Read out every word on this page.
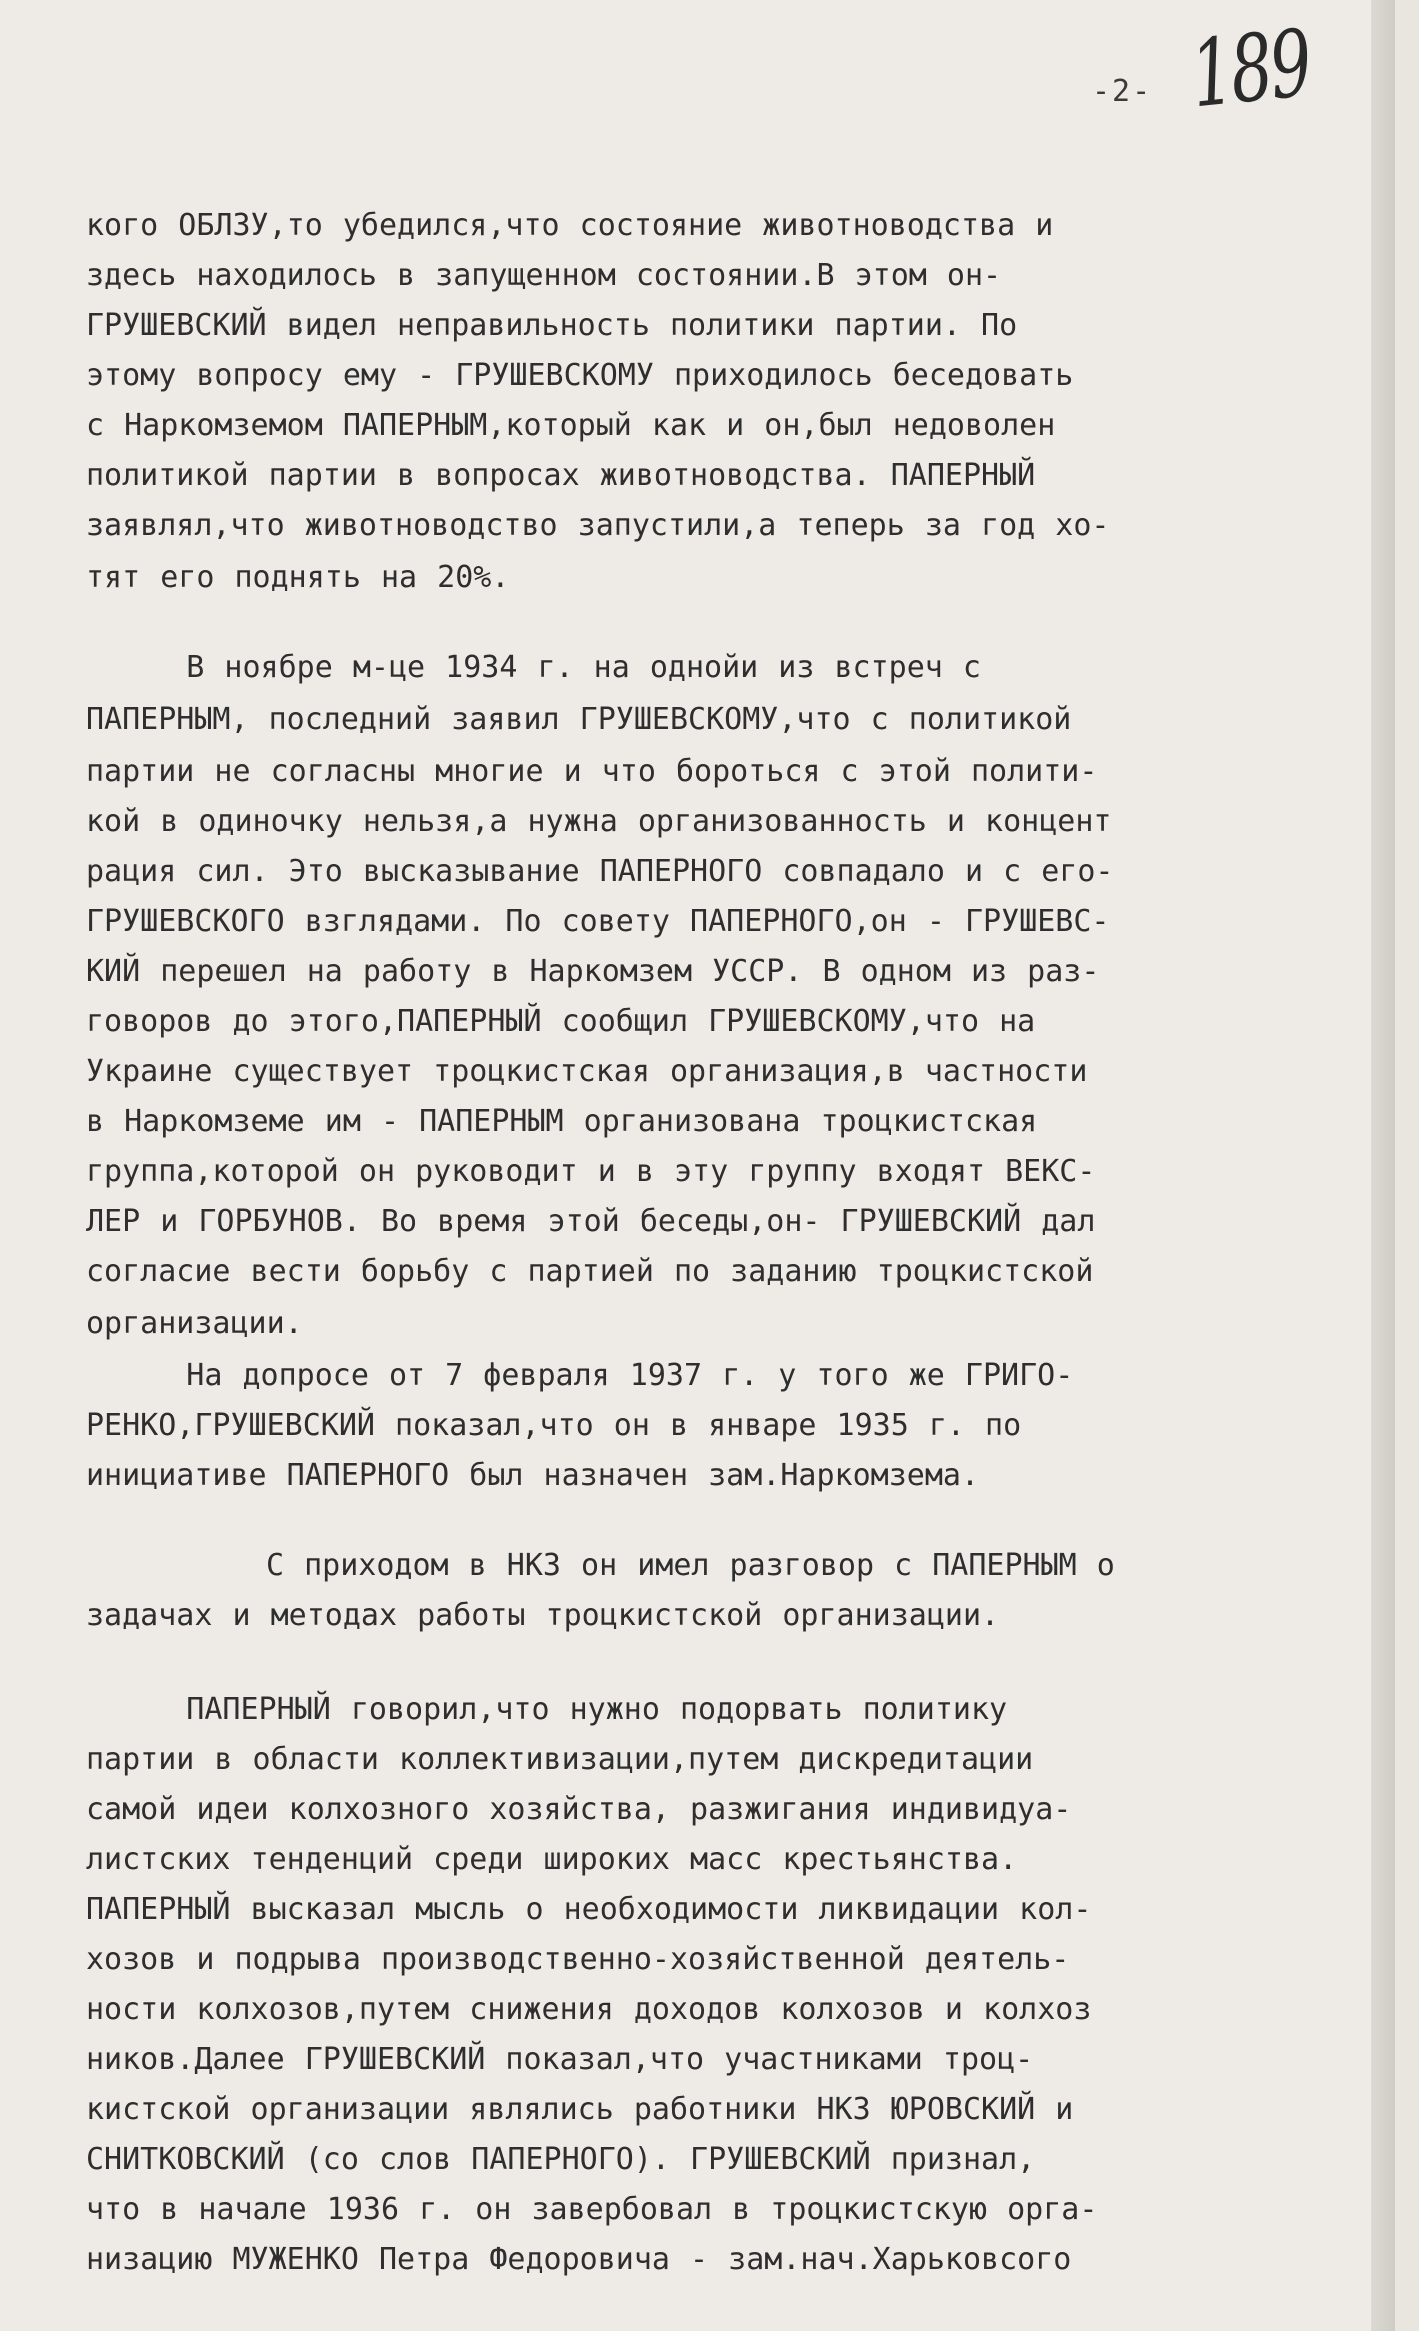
-2- 189

кого ОБЛЗУ,то убедился,что состояние животноводства и

здесь находилось в запущенном состоянии.В этом он-

ГРУШЕВСКИЙ видел неправильность политики партии. По

этому вопросу ему - ГРУШЕВСКОМУ приходилось беседовать

с Наркомземом ПАПЕРНЫМ,который как и он,был недоволен

политикой партии в вопросах животноводства. ПАПЕРНЫЙ

заявлял,что животноводство запустили,а теперь за год хо-

тят его поднять на 20%.

В ноябре м-це 1934 г. на однойи из встреч с

ПАПЕРНЫМ, последний заявил ГРУШЕВСКОМУ,что с политикой

партии не согласны многие и что бороться с этой полити-

кой в одиночку нельзя,а нужна организованность и концент

рация сил. Это высказывание ПАПЕРНОГО совпадало и с его-

ГРУШЕВСКОГО взглядами. По совету ПАПЕРНОГО,он - ГРУШЕВС-

КИЙ перешел на работу в Наркомзем УССР. В одном из раз-

говоров до этого,ПАПЕРНЫЙ сообщил ГРУШЕВСКОМУ,что на

Украине существует троцкистская организация,в частности

в Наркомземе им - ПАПЕРНЫМ организована троцкистская

группа,которой он руководит и в эту группу входят ВЕКС-

ЛЕР и ГОРБУНОВ. Во время этой беседы,он- ГРУШЕВСКИЙ дал

согласие вести борьбу с партией по заданию троцкистской

организации.

На допросе от 7 февраля 1937 г. у того же ГРИГО-

РЕНКО,ГРУШЕВСКИЙ показал,что он в январе 1935 г. по

инициативе ПАПЕРНОГО был назначен зам.Наркомзема.

С приходом в НКЗ он имел разговор с ПАПЕРНЫМ о

задачах и методах работы троцкистской организации.

ПАПЕРНЫЙ говорил,что нужно подорвать политику

партии в области коллективизации,путем дискредитации

самой идеи колхозного хозяйства, разжигания индивидуа-

листских тенденций среди широких масс крестьянства.

ПАПЕРНЫЙ высказал мысль о необходимости ликвидации кол-

хозов и подрыва производственно-хозяйственной деятель-

ности колхозов,путем снижения доходов колхозов и колхоз

ников.Далее ГРУШЕВСКИЙ показал,что участниками троц-

кистской организации являлись работники НКЗ ЮРОВСКИЙ и

СНИТКОВСКИЙ (со слов ПАПЕРНОГО). ГРУШЕВСКИЙ признал,

что в начале 1936 г. он завербовал в троцкистскую орга-

низацию МУЖЕНКО Петра Федоровича - зам.нач.Харьковсого
